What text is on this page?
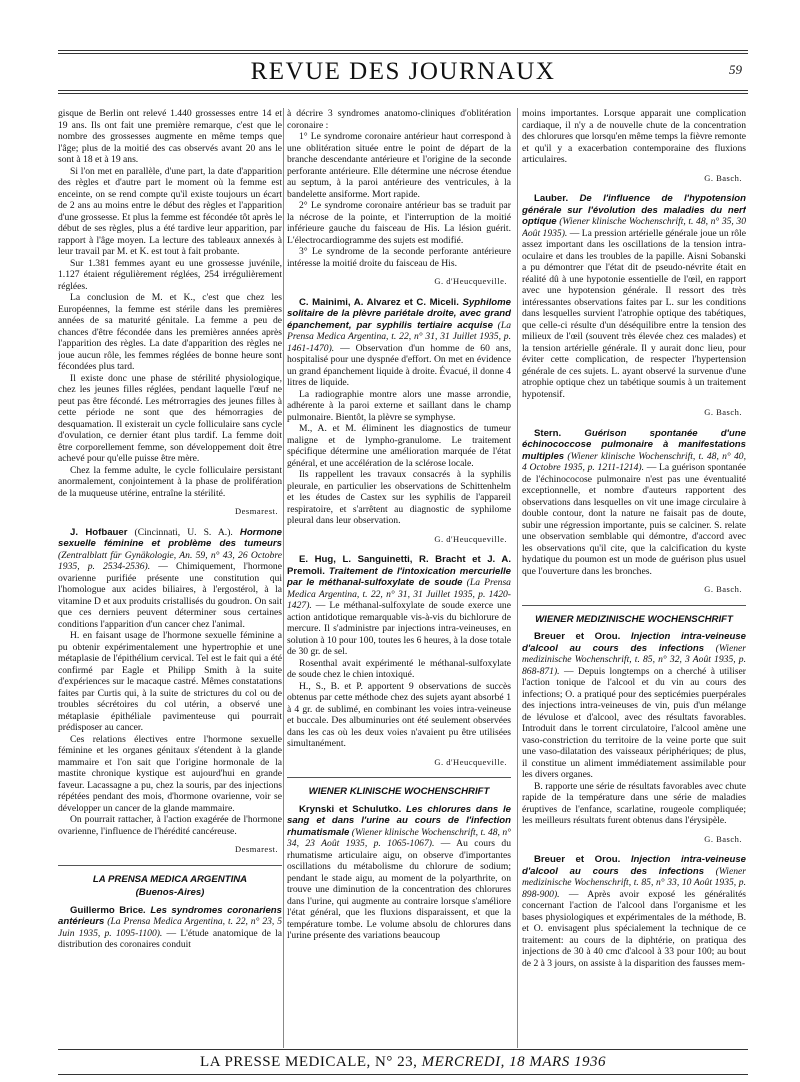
REVUE DES JOURNAUX	59

gisque de Berlin ont relevé 1.440 grossesses entre 14 et 19 ans. Ils ont fait une première remarque, c'est que le nombre des grossesses augmente en même temps que l'âge; plus de la moitié des cas observés avant 20 ans le sont à 18 et à 19 ans.

Si l'on met en parallèle, d'une part, la date d'apparition des règles et d'autre part le moment où la femme est enceinte, on se rend compte qu'il existe toujours un écart de 2 ans au moins entre le début des règles et l'apparition d'une grossesse. Et plus la femme est fécondée tôt après le début de ses règles, plus a été tardive leur apparition, par rapport à l'âge moyen. La lecture des tableaux annexés à leur travail par M. et K. est tout à fait probante.

Sur 1.381 femmes ayant eu une grossesse juvénile, 1.127 étaient régulièrement réglées, 254 irrégulièrement réglées.

La conclusion de M. et K., c'est que chez les Européennes, la femme est stérile dans les premières années de sa maturité génitale. La femme a peu de chances d'être fécondée dans les premières années après l'apparition des règles. La date d'apparition des règles ne joue aucun rôle, les femmes réglées de bonne heure sont fécondées plus tard.

Il existe donc une phase de stérilité physiologique, chez les jeunes filles réglées, pendant laquelle l'œuf ne peut pas être fécondé. Les métrorragies des jeunes filles à cette période ne sont que des hémorragies de desquamation. Il existerait un cycle folliculaire sans cycle d'ovulation, ce dernier étant plus tardif. La femme doit être corporellement femme, son développement doit être achevé pour qu'elle puisse être mère.

Chez la femme adulte, le cycle folliculaire persistant anormalement, conjointement à la phase de prolifération de la muqueuse utérine, entraîne la stérilité.

Desmarest.

J. Hofbauer (Cincinnati, U. S. A.). Hormone sexuelle féminine et problème des tumeurs (Zentralblatt für Gynäkologie, An. 59, n° 43, 26 Octobre 1935, p. 2534-2536). — Chimiquement, l'hormone ovarienne purifiée présente une constitution qui l'homologue aux acides biliaires, à l'ergostérol, à la vitamine D et aux produits cristallisés du goudron. On sait que ces derniers peuvent déterminer sous certaines conditions l'apparition d'un cancer chez l'animal.

H. en faisant usage de l'hormone sexuelle féminine a pu obtenir expérimentalement une hypertrophie et une métaplasie de l'épithélium cervical. Tel est le fait qui a été confirmé par Eagle et Philipp Smith à la suite d'expériences sur le macaque castré. Mêmes constatations faites par Curtis qui, à la suite de strictures du col ou de troubles sécrétoires du col utérin, a observé une métaplasie épithéliale pavimenteuse qui pourrait prédisposer au cancer.

Ces relations électives entre l'hormone sexuelle féminine et les organes génitaux s'étendent à la glande mammaire et l'on sait que l'origine hormonale de la mastite chronique kystique est aujourd'hui en grande faveur. Lacassagne a pu, chez la souris, par des injections répétées pendant des mois, d'hormone ovarienne, voir se développer un cancer de la glande mammaire.

On pourrait rattacher, à l'action exagérée de l'hormone ovarienne, l'influence de l'hérédité cancéreuse.

Desmarest.
LA PRENSA MEDICA ARGENTINA
(Buenos-Aires)

Guillermo Brice. Les syndromes coronariens antérieurs (La Prensa Medica Argentina, t. 22, n° 23, 5 Juin 1935, p. 1095-1100). — L'étude anatomique de la distribution des coronaires conduit

à décrire 3 syndromes anatomo-cliniques d'oblitération coronaire :

1° Le syndrome coronaire antérieur haut correspond à une oblitération située entre le point de départ de la branche descendante antérieure et l'origine de la seconde perforante antérieure. Elle détermine une nécrose étendue au septum, à la paroi antérieure des ventricules, à la bandelette ansiforme. Mort rapide.

2° Le syndrome coronaire antérieur bas se traduit par la nécrose de la pointe, et l'interruption de la moitié inférieure gauche du faisceau de His. La lésion guérit. L'électrocardiogramme des sujets est modifié.

3° Le syndrome de la seconde perforante antérieure intéresse la moitié droite du faisceau de His.

G. d'Heucqueville.

C. Mainimi, A. Alvarez et C. Miceli. Syphilome solitaire de la plèvre pariétale droite, avec grand épanchement, par syphilis tertiaire acquise (La Prensa Medica Argentina, t. 22, n° 31, 31 Juillet 1935, p. 1461-1470). — Observation d'un homme de 60 ans, hospitalisé pour une dyspnée d'effort. On met en évidence un grand épanchement liquide à droite. Évacué, il donne 4 litres de liquide.

La radiographie montre alors une masse arrondie, adhérente à la paroi externe et saillant dans le champ pulmonaire. Bientôt, la plèvre se symphyse.

M., A. et M. éliminent les diagnostics de tumeur maligne et de lympho-granulome. Le traitement spécifique détermine une amélioration marquée de l'état général, et une accélération de la sclérose locale.

Ils rappellent les travaux consacrés à la syphilis pleurale, en particulier les observations de Schittenhelm et les études de Castex sur les syphilis de l'appareil respiratoire, et s'arrêtent au diagnostic de syphilome pleural dans leur observation.

G. d'Heucqueville.

E. Hug, L. Sanguinetti, R. Bracht et J. A. Premoli. Traitement de l'intoxication mercurielle par le méthanal-sulfoxylate de soude (La Prensa Medica Argentina, t. 22, n° 31, 31 Juillet 1935, p. 1420-1427). — Le méthanal-sulfoxylate de soude exerce une action antidotique remarquable vis-à-vis du bichlorure de mercure. Il s'administre par injections intra-veineuses, en solution à 10 pour 100, toutes les 6 heures, à la dose totale de 30 gr. de sel.

Rosenthal avait expérimenté le méthanal-sulfoxylate de soude chez le chien intoxiqué.

H., S., B. et P. apportent 9 observations de succès obtenus par cette méthode chez des sujets ayant absorbé 1 à 4 gr. de sublimé, en combinant les voies intra-veineuse et buccale. Des albuminuries ont été seulement observées dans les cas où les deux voies n'avaient pu être utilisées simultanément.

G. d'Heucqueville.
WIENER KLINISCHE WOCHENSCHRIFT

Krynski et Schulutko. Les chlorures dans le sang et dans l'urine au cours de l'infection rhumatismale (Wiener klinische Wochenschrift, t. 48, n° 34, 23 Août 1935, p. 1065-1067). — Au cours du rhumatisme articulaire aigu, on observe d'importantes oscillations du métabolisme du chlorure de sodium; pendant le stade aigu, au moment de la polyarthrite, on trouve une diminution de la concentration des chlorures dans l'urine, qui augmente au contraire lorsque s'améliore l'état général, que les fluxions disparaissent, et que la température tombe. Le volume absolu de chlorures dans l'urine présente des variations beaucoup

moins importantes. Lorsque apparait une complication cardiaque, il n'y a de nouvelle chute de la concentration des chlorures que lorsqu'en même temps la fièvre remonte et qu'il y a exacerbation contemporaine des fluxions articulaires.

G. Basch.

Lauber. De l'influence de l'hypotension générale sur l'évolution des maladies du nerf optique (Wiener klinische Wochenschrift, t. 48, n° 35, 30 Août 1935). — La pression artérielle générale joue un rôle assez important dans les oscillations de la tension intra-oculaire et dans les troubles de la papille. Aisni Sobanski a pu démontrer que l'état dit de pseudo-névrite était en réalité dû à une hypotonie essentielle de l'œil, en rapport avec une hypotension générale. Il ressort des très intéressantes observations faites par L. sur les conditions dans lesquelles survient l'atrophie optique des tabétiques, que celle-ci résulte d'un déséquilibre entre la tension des milieux de l'œil (souvent très élevée chez ces malades) et la tension artérielle générale. Il y aurait donc lieu, pour éviter cette complication, de respecter l'hypertension générale de ces sujets. L. ayant observé la survenue d'une atrophie optique chez un tabétique soumis à un traitement hypotensif.

G. Basch.

Stern. Guérison spontanée d'une échinococcose pulmonaire à manifestations multiples (Wiener klinische Wochenschrift, t. 48, n° 40, 4 Octobre 1935, p. 1211-1214). — La guérison spontanée de l'échinococose pulmonaire n'est pas une éventualité exceptionnelle, et nombre d'auteurs rapportent des observations dans lesquelles on vit une image circulaire à double contour, dont la nature ne faisait pas de doute, subir une régression importante, puis se calciner. S. relate une observation semblable qui démontre, d'accord avec les observations qu'il cite, que la calcification du kyste hydatique du poumon est un mode de guérison plus usuel que l'ouverture dans les bronches.

G. Basch.
WIENER MEDIZINISCHE WOCHENSCHRIFT

Breuer et Orou. Injection intra-veineuse d'alcool au cours des infections (Wiener medizinische Wochenschrift, t. 85, n° 32, 3 Août 1935, p. 868-871). — Depuis longtemps on a cherché à utiliser l'action tonique de l'alcool et du vin au cours des infections; O. a pratiqué pour des septicémies puerpérales des injections intra-veineuses de vin, puis d'un mélange de lévulose et d'alcool, avec des résultats favorables. Introduit dans le torrent circulatoire, l'alcool amène une vaso-constriction du territoire de la veine porte que suit une vaso-dilatation des vaisseaux périphériques; de plus, il constitue un aliment immédiatement assimilable pour les divers organes.

B. rapporte une série de résultats favorables avec chute rapide de la température dans une série de maladies éruptives de l'enfance, scarlatine, rougeole compliquée; les meilleurs résultats furent obtenus dans l'érysipèle.

G. Basch.

Breuer et Orou. Injection intra-veineuse d'alcool au cours des infections (Wiener medizinische Wochenschrift, t. 85, n° 33, 10 Août 1935, p. 898-900). — Après avoir exposé les généralités concernant l'action de l'alcool dans l'organisme et les bases physiologiques et expérimentales de la méthode, B. et O. envisagent plus spécialement la technique de ce traitement: au cours de la diphtérie, on pratiqua des injections de 30 à 40 cmc d'alcool à 33 pour 100; au bout de 2 à 3 jours, on assiste à la disparition des fausses mem-

LA PRESSE MEDICALE, N° 23, MERCREDI, 18 MARS 1936
